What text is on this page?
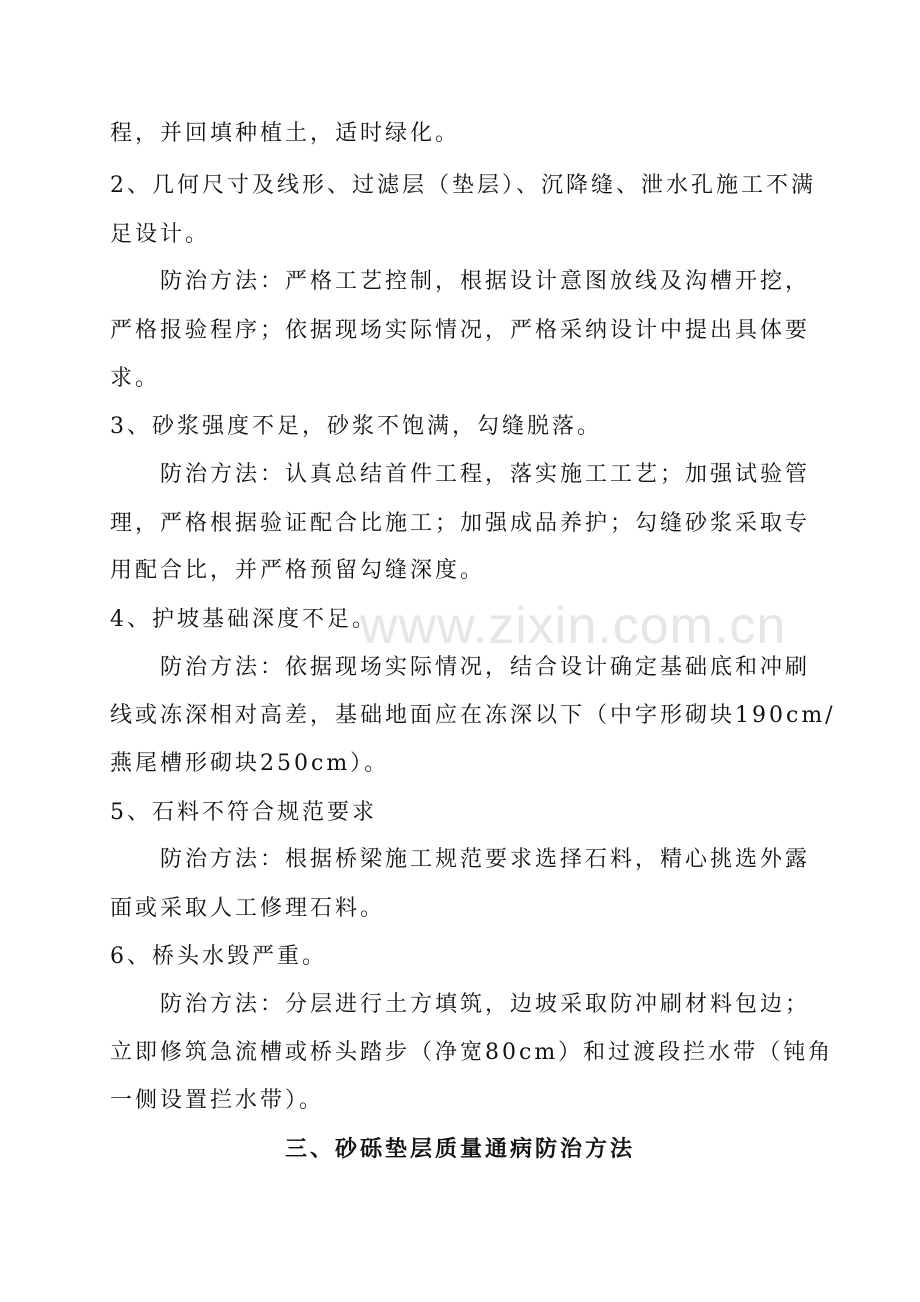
www.zixin.com.cn
程，并回填种植土，适时绿化。
2、几何尺寸及线形、过滤层（垫层）、沉降缝、泄水孔施工不满
足设计。
防治方法：严格工艺控制，根据设计意图放线及沟槽开挖，
严格报验程序；依据现场实际情况，严格采纳设计中提出具体要
求。
3、砂浆强度不足，砂浆不饱满，勾缝脱落。
防治方法：认真总结首件工程，落实施工工艺；加强试验管
理，严格根据验证配合比施工；加强成品养护；勾缝砂浆采取专
用配合比，并严格预留勾缝深度。
4、护坡基础深度不足。
防治方法：依据现场实际情况，结合设计确定基础底和冲刷
线或冻深相对高差，基础地面应在冻深以下（中字形砌块190cm/
燕尾槽形砌块250cm）。
5、石料不符合规范要求
防治方法：根据桥梁施工规范要求选择石料，精心挑选外露
面或采取人工修理石料。
6、桥头水毁严重。
防治方法：分层进行土方填筑，边坡采取防冲刷材料包边；
立即修筑急流槽或桥头踏步（净宽80cm）和过渡段拦水带（钝角
一侧设置拦水带）。
三、砂砾垫层质量通病防治方法
